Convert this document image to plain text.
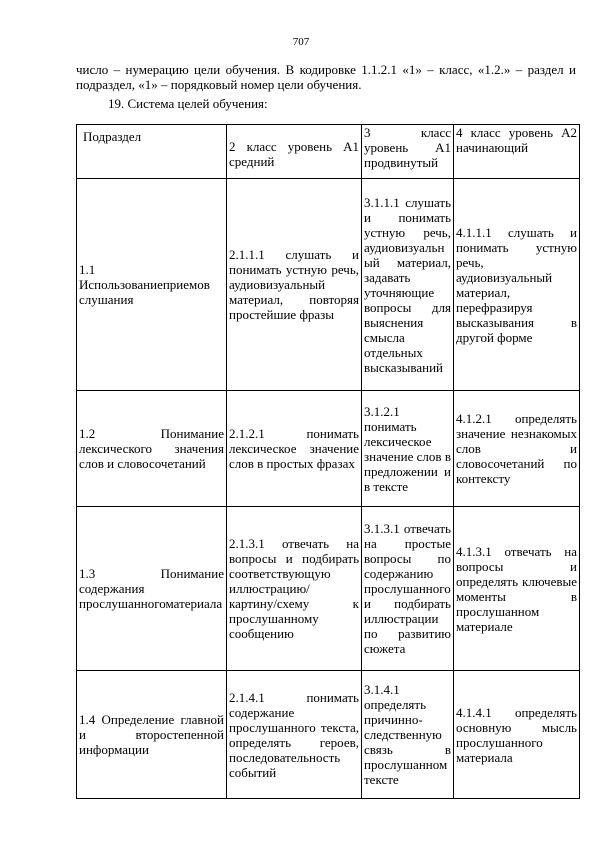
707
число – нумерацию цели обучения. В кодировке 1.1.2.1 «1» – класс, «1.2.» – раздел и подраздел, «1» – порядковый номер цели обучения.
19. Система целей обучения:
Подраздел	2 класс уровень А1 средний	3 класс уровень А1 продвинутый	4 класс уровень А2 начинающий
1.1 Использованиеприемов слушания	2.1.1.1 слушать и понимать устную речь, аудиовизуальный материал, повторяя простейшие фразы	3.1.1.1 слушать и понимать устную речь, аудиовизуальный материал, задавать уточняющие вопросы для выяснения смысла отдельных высказываний	4.1.1.1 слушать и понимать устную речь, аудиовизуальный материал, перефразируя высказывания в другой форме
1.2 Понимание лексического значения слов и словосочетаний	2.1.2.1 понимать лексическое значение слов в простых фразах	3.1.2.1 понимать лексическое значение слов в предложении и в тексте	4.1.2.1 определять значение незнакомых слов и словосочетаний по контексту
1.3 Понимание содержания прослушанногоматериала	2.1.3.1 отвечать на вопросы и подбирать соответствующую иллюстрацию/ картину/схему к прослушанному сообщению	3.1.3.1 отвечать на простые вопросы по содержанию прослушанного и подбирать иллюстрации по развитию сюжета	4.1.3.1 отвечать на вопросы и определять ключевые моменты в прослушанном материале
1.4 Определение главной и второстепенной информации	2.1.4.1 понимать содержание прослушанного текста, определять героев, последовательность событий	3.1.4.1 определять причинно-следственную связь в прослушанном тексте	4.1.4.1 определять основную мысль прослушанного материала
